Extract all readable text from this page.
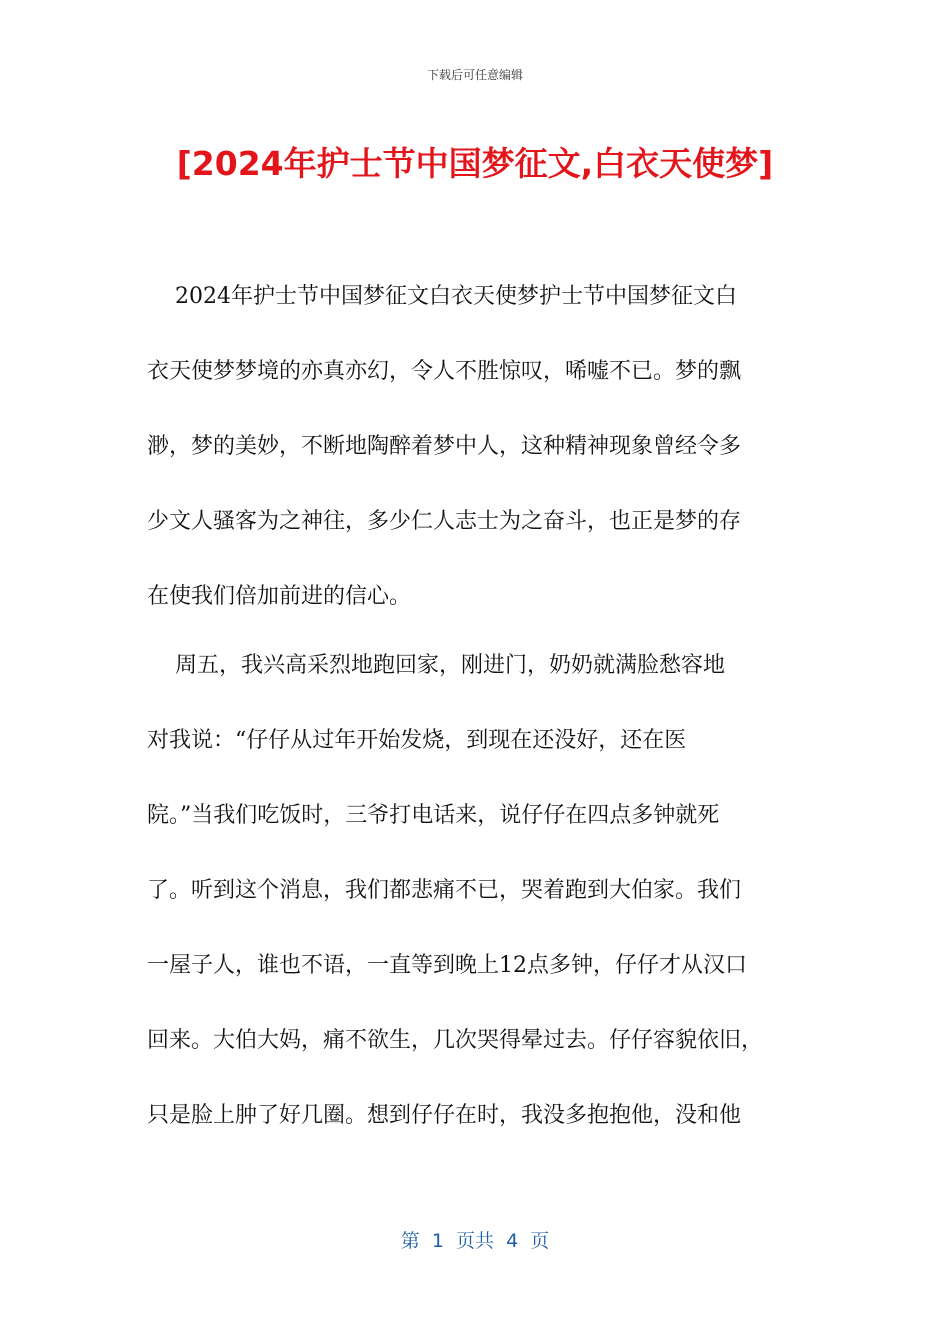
下载后可任意编辑
[2024年护士节中国梦征文,白衣天使梦]
2024年护士节中国梦征文白衣天使梦护士节中国梦征文白
衣天使梦梦境的亦真亦幻，令人不胜惊叹，唏嘘不已。梦的飘
渺，梦的美妙，不断地陶醉着梦中人，这种精神现象曾经令多
少文人骚客为之神往，多少仁人志士为之奋斗，也正是梦的存
在使我们倍加前进的信心。
周五，我兴高采烈地跑回家，刚进门，奶奶就满脸愁容地
对我说：“仔仔从过年开始发烧，到现在还没好，还在医
院。”当我们吃饭时，三爷打电话来，说仔仔在四点多钟就死
了。听到这个消息，我们都悲痛不已，哭着跑到大伯家。我们
一屋子人，谁也不语，一直等到晚上12点多钟，仔仔才从汉口
回来。大伯大妈，痛不欲生，几次哭得晕过去。仔仔容貌依旧，
只是脸上肿了好几圈。想到仔仔在时，我没多抱抱他，没和他
第  1  页共  4  页
